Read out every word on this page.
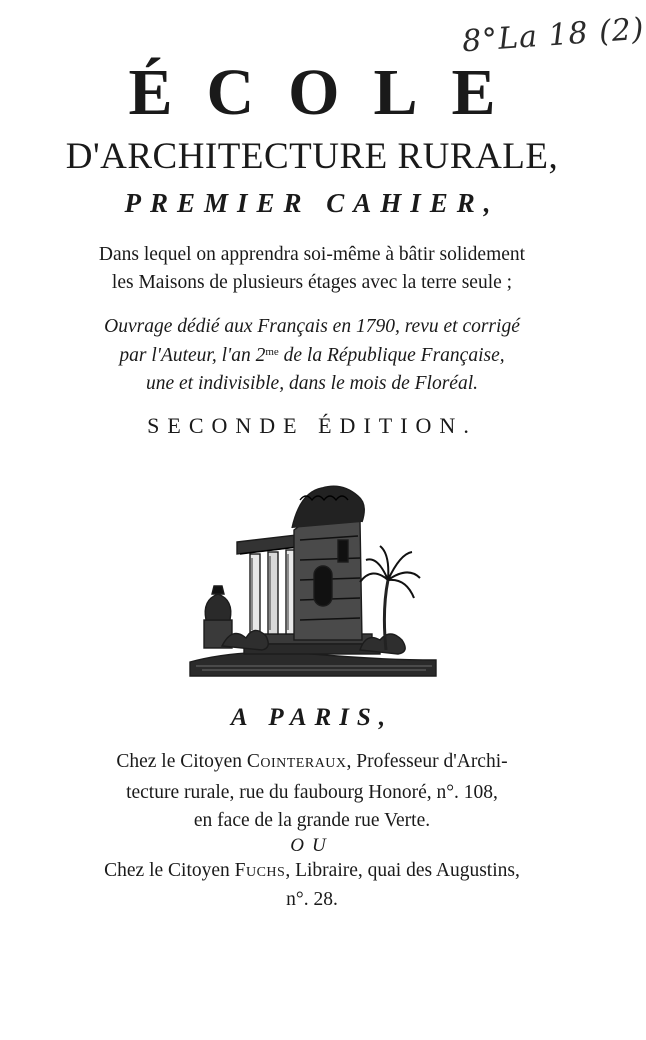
8°La 18 (2)
ÉCOLE
D'ARCHITECTURE RURALE,
PREMIER CAHIER,
Dans lequel on apprendra soi-même à bâtir solidement
les Maisons de plusieurs étages avec la terre seule ;
Ouvrage dédié aux Français en 1790, revu et corrigé
par l'Auteur, l'an $2^{me}$ de la République Française,
une et indivisible, dans le mois de Floréal.
SECONDE ÉDITION.
A PARIS,
Chez le Citoyen Cointeraux, Professeur d'Archi-
tecture rurale, rue du faubourg Honoré, n°. 108,
en face de la grande rue Verte.
OU
Chez le Citoyen Fuchs, Libraire, quai des Augustins,
n°. 28.
